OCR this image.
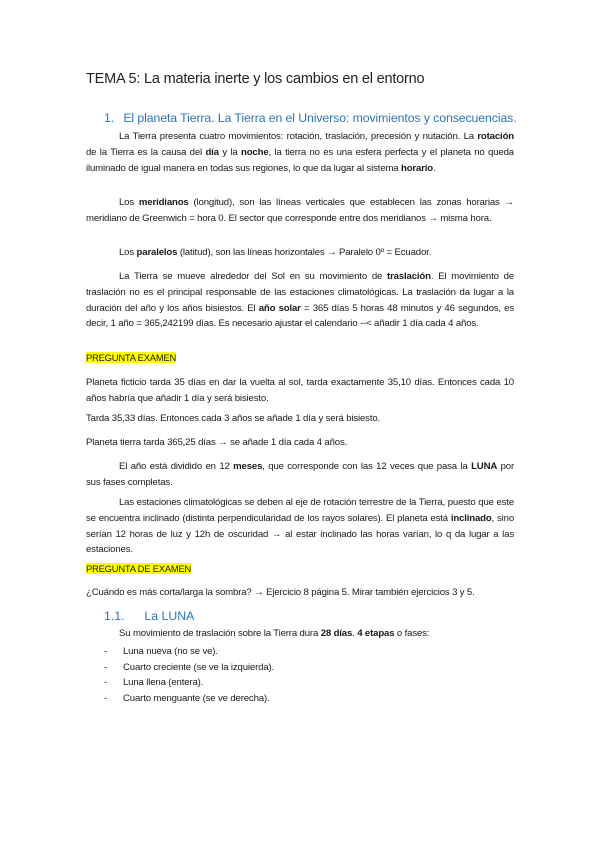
TEMA 5: La materia inerte y los cambios en el entorno
1. El planeta Tierra. La Tierra en el Universo: movimientos y consecuencias.

La Tierra presenta cuatro movimientos: rotación, traslación, precesión y nutación. La rotación de la Tierra es la causa del día y la noche, la tierra no es una esfera perfecta y el planeta no queda iluminado de igual manera en todas sus regiones, lo que da lugar al sistema horario.

Los meridianos (longitud), son las líneas verticales que establecen las zonas horarias → meridiano de Greenwich = hora 0. El sector que corresponde entre dos meridianos → misma hora.

Los paralelos (latitud), son las líneas horizontales → Paralelo 0º = Ecuador.

La Tierra se mueve alrededor del Sol en su movimiento de traslación. El movimiento de traslación no es el principal responsable de las estaciones climatológicas. La traslación da lugar a la duración del año y los años bisiestos. El año solar = 365 días 5 horas 48 minutos y 46 segundos, es decir, 1 año = 365,242199 días. Es necesario ajustar el calendario --< añadir 1 día cada 4 años.

PREGUNTA EXAMEN

Planeta ficticio tarda 35 días en dar la vuelta al sol, tarda exactamente 35,10 días. Entonces cada 10 años habría que añadir 1 día y será bisiesto.

Tarda 35,33 días. Entonces cada 3 años se añade 1 día y será bisiesto.

Planeta tierra tarda 365,25 días → se añade 1 día cada 4 años.

El año está dividido en 12 meses, que corresponde con las 12 veces que pasa la LUNA por sus fases completas.

Las estaciones climatológicas se deben al eje de rotación terrestre de la Tierra, puesto que este se encuentra inclinado (distinta perpendicularidad de los rayos solares). El planeta está inclinado, sino serían 12 horas de luz y 12h de oscuridad → al estar inclinado las horas varían, lo q da lugar a las estaciones.

PREGUNTA DE EXAMEN

¿Cuándo es más corta/larga la sombra? → Ejercicio 8 página 5. Mirar también ejercicios 3 y 5.

1.1. La LUNA

Su movimiento de traslación sobre la Tierra dura 28 días. 4 etapas o fases:

- Luna nueva (no se ve).
- Cuarto creciente (se ve la izquierda).
- Luna llena (entera).
- Cuarto menguante (se ve derecha).
